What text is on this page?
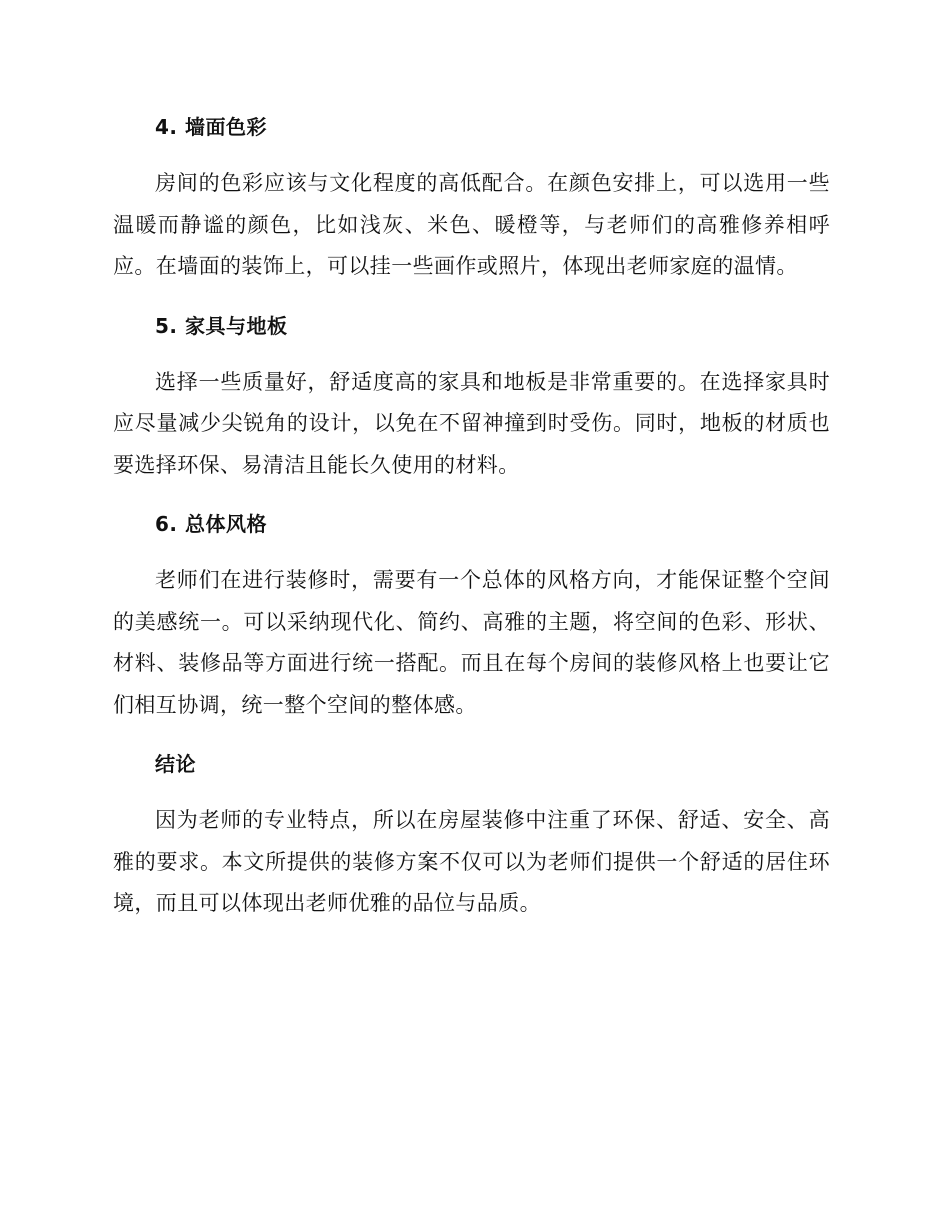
4. 墙面色彩

房间的色彩应该与文化程度的高低配合。在颜色安排上，可以选用一些温暖而静谧的颜色，比如浅灰、米色、暖橙等，与老师们的高雅修养相呼应。在墙面的装饰上，可以挂一些画作或照片，体现出老师家庭的温情。

5. 家具与地板

选择一些质量好，舒适度高的家具和地板是非常重要的。在选择家具时应尽量减少尖锐角的设计，以免在不留神撞到时受伤。同时，地板的材质也要选择环保、易清洁且能长久使用的材料。

6. 总体风格

老师们在进行装修时，需要有一个总体的风格方向，才能保证整个空间的美感统一。可以采纳现代化、简约、高雅的主题，将空间的色彩、形状、材料、装修品等方面进行统一搭配。而且在每个房间的装修风格上也要让它们相互协调，统一整个空间的整体感。

结论

因为老师的专业特点，所以在房屋装修中注重了环保、舒适、安全、高雅的要求。本文所提供的装修方案不仅可以为老师们提供一个舒适的居住环境，而且可以体现出老师优雅的品位与品质。
